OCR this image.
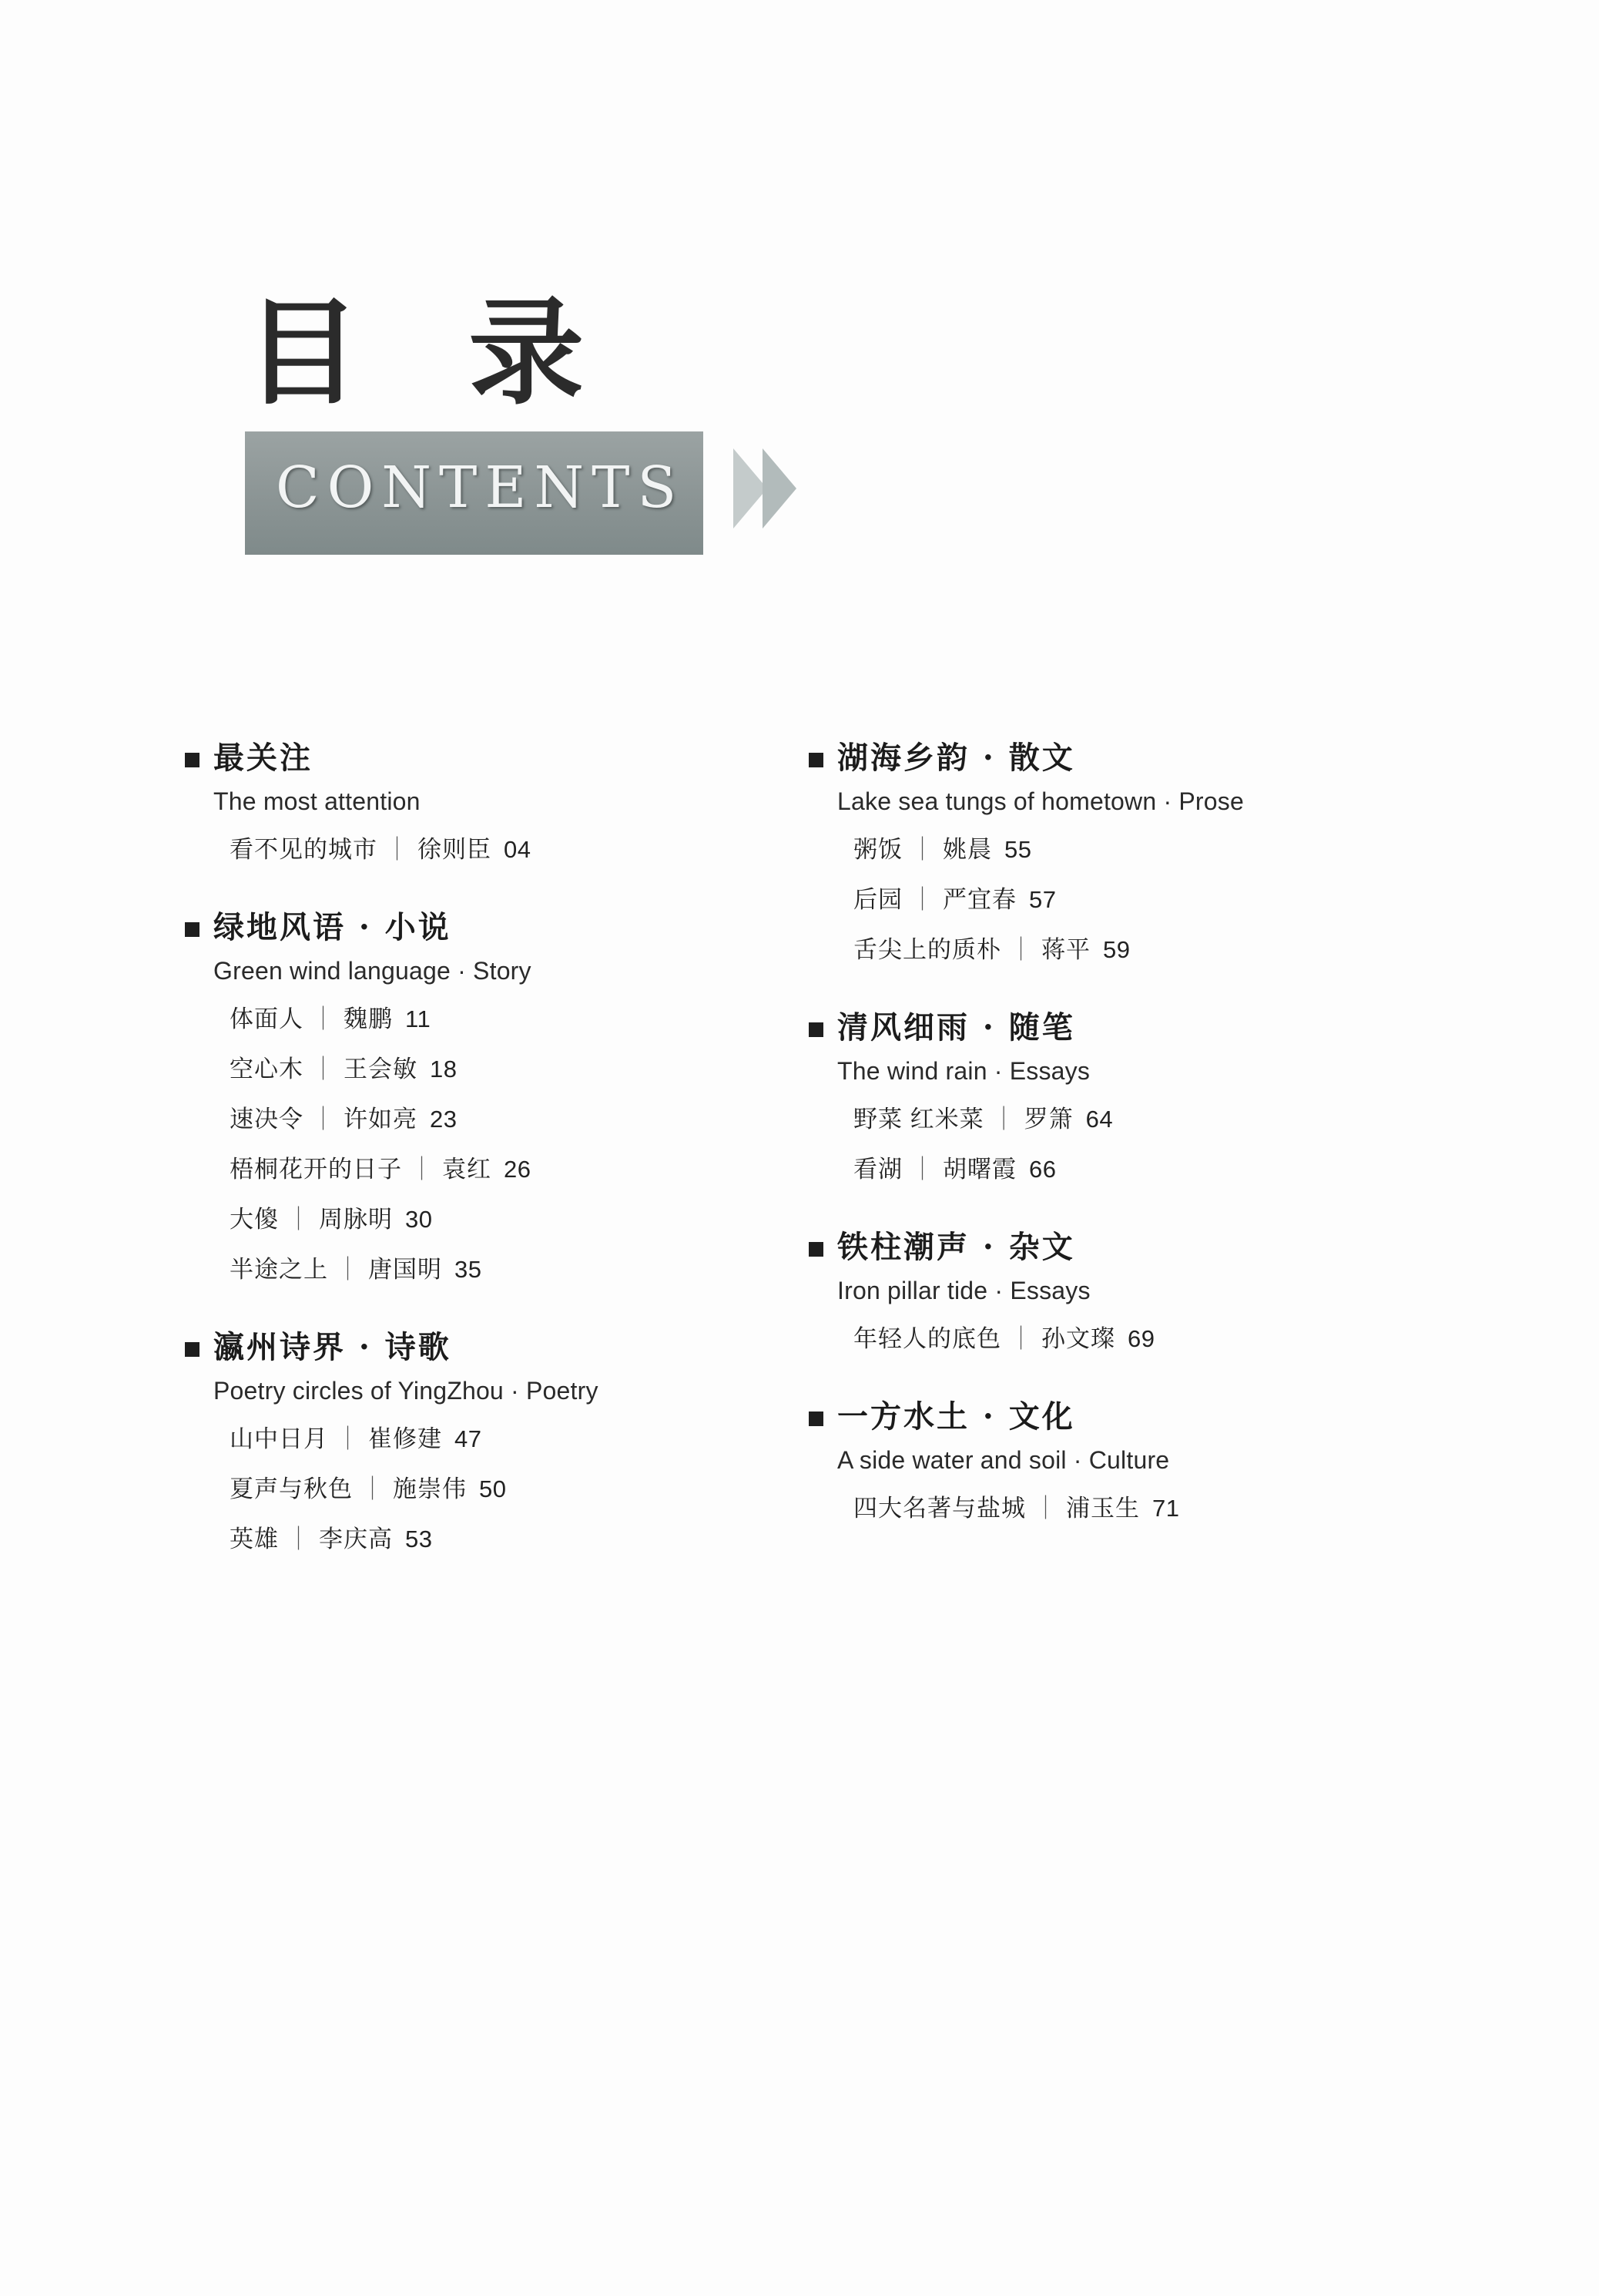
目 录
CONTENTS
最关注
The most attention
看不见的城市 ｜ 徐则臣 04
绿地风语 · 小说
Green wind language · Story
体面人 ｜ 魏鹏 11
空心木 ｜ 王会敏 18
速决令 ｜ 许如亮 23
梧桐花开的日子 ｜ 袁红 26
大傻 ｜ 周脉明 30
半途之上 ｜ 唐国明 35
瀛州诗界 · 诗歌
Poetry circles of YingZhou · Poetry
山中日月 ｜ 崔修建 47
夏声与秋色 ｜ 施崇伟 50
英雄 ｜ 李庆高 53
湖海乡韵 · 散文
Lake sea tungs of hometown · Prose
粥饭 ｜ 姚晨 55
后园 ｜ 严宜春 57
舌尖上的质朴 ｜ 蒋平 59
清风细雨 · 随笔
The wind rain · Essays
野菜 红米菜 ｜ 罗箫 64
看湖 ｜ 胡曙霞 66
铁柱潮声 · 杂文
Iron pillar tide · Essays
年轻人的底色 ｜ 孙文璨 69
一方水土 · 文化
A side water and soil · Culture
四大名著与盐城 ｜ 浦玉生 71
